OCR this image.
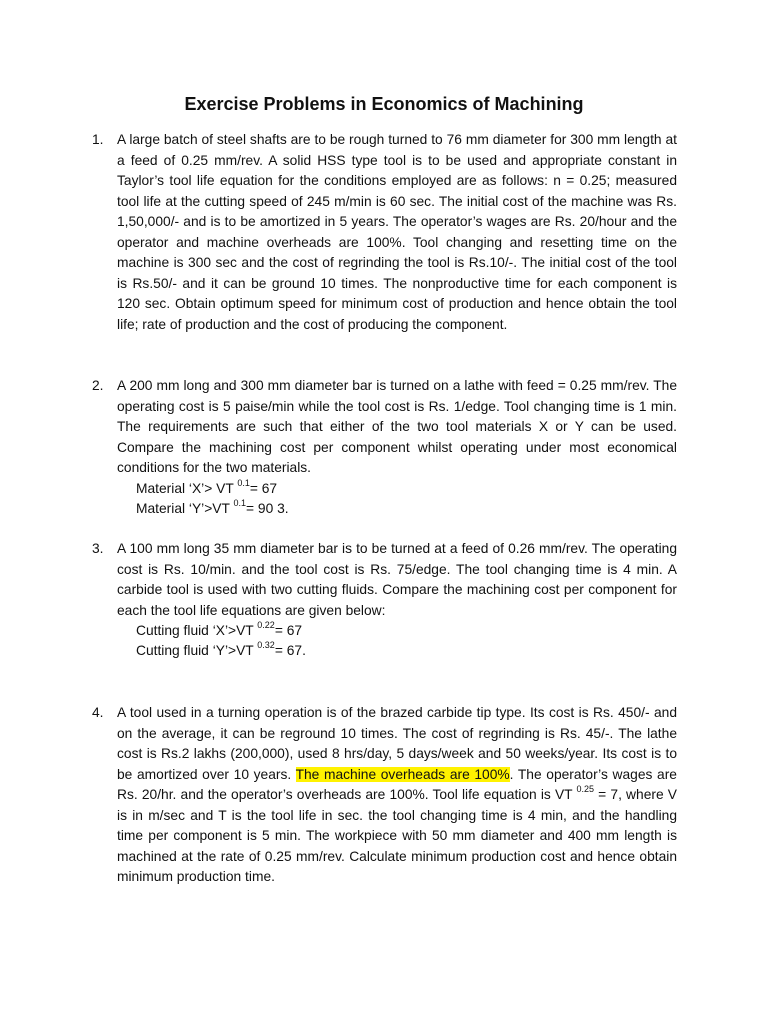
Exercise Problems in Economics of Machining
1. A large batch of steel shafts are to be rough turned to 76 mm diameter for 300 mm length at a feed of 0.25 mm/rev. A solid HSS type tool is to be used and appropriate constant in Taylor’s tool life equation for the conditions employed are as follows: n = 0.25; measured tool life at the cutting speed of 245 m/min is 60 sec. The initial cost of the machine was Rs. 1,50,000/- and is to be amortized in 5 years. The operator’s wages are Rs. 20/hour and the operator and machine overheads are 100%. Tool changing and resetting time on the machine is 300 sec and the cost of regrinding the tool is Rs.10/-. The initial cost of the tool is Rs.50/- and it can be ground 10 times. The nonproductive time for each component is 120 sec. Obtain optimum speed for minimum cost of production and hence obtain the tool life; rate of production and the cost of producing the component.
2. A 200 mm long and 300 mm diameter bar is turned on a lathe with feed = 0.25 mm/rev. The operating cost is 5 paise/min while the tool cost is Rs. 1/edge. Tool changing time is 1 min. The requirements are such that either of the two tool materials X or Y can be used. Compare the machining cost per component whilst operating under most economical conditions for the two materials.
Material ‘X’> VT $^{0.1}$= 67
Material ‘Y’>VT $^{0.1}$= 90 3.
3. A 100 mm long 35 mm diameter bar is to be turned at a feed of 0.26 mm/rev. The operating cost is Rs. 10/min. and the tool cost is Rs. 75/edge. The tool changing time is 4 min. A carbide tool is used with two cutting fluids. Compare the machining cost per component for each the tool life equations are given below:
Cutting fluid ‘X’>VT $^{0.22}$= 67
Cutting fluid ‘Y’>VT $^{0.32}$= 67.
4. A tool used in a turning operation is of the brazed carbide tip type. Its cost is Rs. 450/- and on the average, it can be reground 10 times. The cost of regrinding is Rs. 45/-. The lathe cost is Rs.2 lakhs (200,000), used 8 hrs/day, 5 days/week and 50 weeks/year. Its cost is to be amortized over 10 years. The machine overheads are 100%. The operator’s wages are Rs. 20/hr. and the operator’s overheads are 100%. Tool life equation is VT $^{0.25}$ = 7, where V is in m/sec and T is the tool life in sec. the tool changing time is 4 min, and the handling time per component is 5 min. The workpiece with 50 mm diameter and 400 mm length is machined at the rate of 0.25 mm/rev. Calculate minimum production cost and hence obtain minimum production time.
